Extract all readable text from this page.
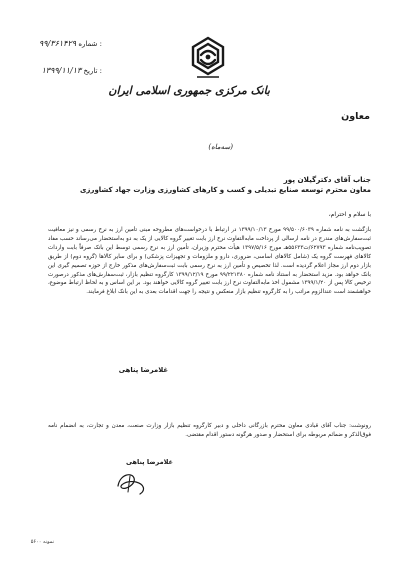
۹۹/۳۶۱۴۲۹ شماره :
۱۳۹۹/۱۱/۱۳ تاریخ :
بانک مرکزی جمهوری اسلامی ایران
معاون
(سه‌ماه)
جناب آقای دکترگیلان پور
معاون محترم توسعه صنایع تبدیلی و کسب و کارهای کشاورزی وزارت جهاد کشاورزی
با سلام و احترام،
بازگشت به نامه شماره ۹۹/۵۰۰/۶۰۳۹ مورخ ۱۳۹۹/۱۰/۱۳ در ارتباط با درخواست‌های مطروحه مبنی تأمین ارز به نرخ رسمی و نیز معافیت ثبت‌سفارش‌های مندرج در نامه ارسالی از پرداخت مابه‌التفاوت نرخ ارز بابت تغییر گروه کالایی از یک به دو به‌استحضار می‌رساند حسب مفاد تصویب‌نامه شماره ۶۲۷۹۳/ت۵۵۶۳۳هـ مورخ ۱۳۹۷/۵/۱۶ هیأت محترم وزیران، تأمین ارز به نرخ رسمی توسط این بانک صرفاً بابت واردات کالاهای فهرست گروه یک (شامل کالاهای اساسی، ضروری، دارو و ملزومات و تجهیزات پزشکی) و برای سایر کالاها (گروه دوم) از طریق بازار دوم ارز مجاز اعلام گردیده است. لذا تخصیص و تأمین ارز به نرخ رسمی بابت ثبت‌سفارش‌های مذکور خارج از حوزه تصمیم گیری این بانک خواهد بود. مزید استحضار به استناد نامه شماره ۹۹/۲۲۱۳۸۰ مورخ ۱۳۹۹/۱۲/۱۹ کارگروه تنظیم بازار، ثبت‌سفارش‌های مذکور درصورت ترخیص کالا پس از ۱۳۹۹/۱/۲۰ مشمول اخذ مابه‌التفاوت نرخ ارز بابت تغییر گروه کالایی خواهند بود. بر این اساس و به لحاظ ارتباط موضوع، خواهشمند است عندالزوم مراتب را به کارگروه تنظیم بازار منعکس و نتیجه را جهت اقدامات بعدی به این بانک ابلاغ فرمایند.
غلامرضا پناهی
رونوشت: جناب آقای قبادی معاون محترم بازرگانی داخلی و دبیر کارگروه تنظیم بازار وزارت صنعت، معدن و تجارت، به انضمام نامه فوق‌الذکر و ضمائم مربوطه برای استحضار و صدور هرگونه دستور اقدام مقتضی.
غلامرضا پناهی
نمونه ۵۶۰۰
